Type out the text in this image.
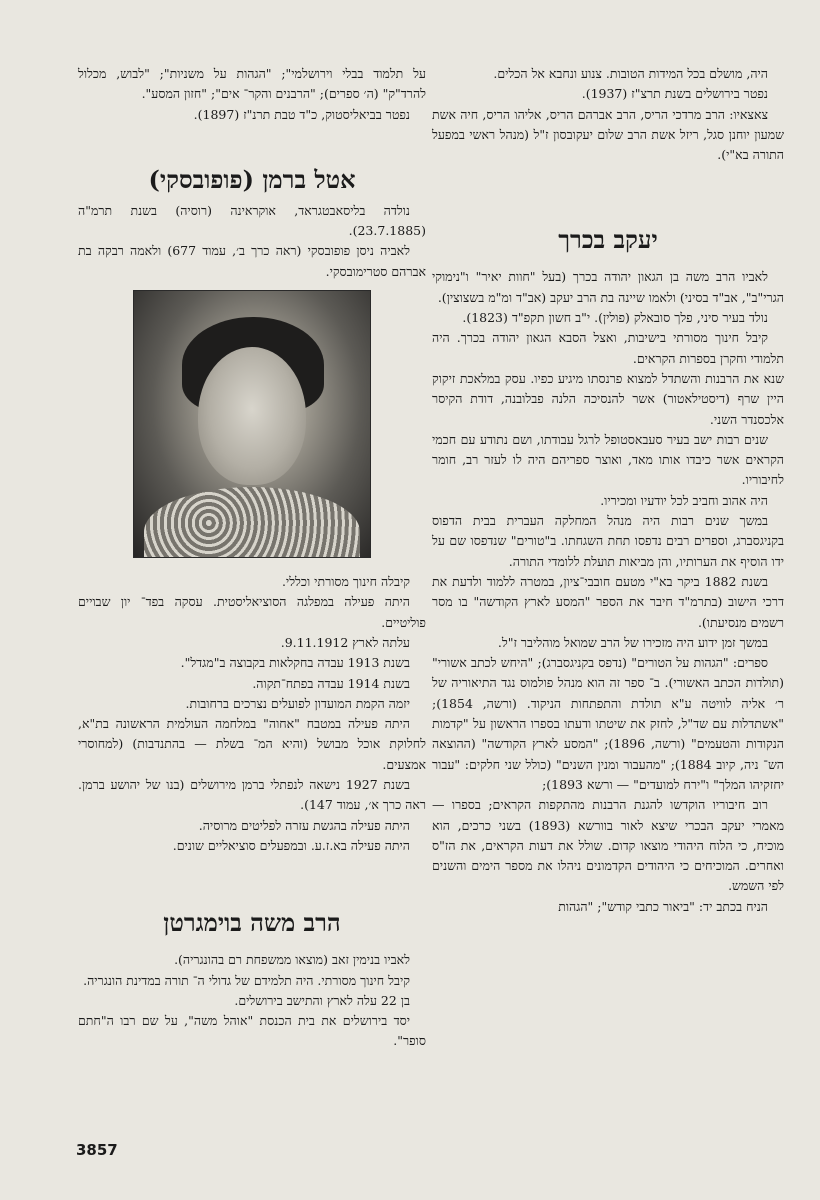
היה, מושלם בכל המידות הטובות. צנוע ונחבא אל הכלים.

נפטר בירושלים בשנת תרצ"ז (1937).

צאצאיו: הרב מרדכי הריס, הרב אברהם הריס, אליהו הריס, חיה אשת שמעון יוחנן סגל, ריזל אשת הרב שלום יעקובסון ז"ל (מנהל ראשי במפעל התורה בא"י).

יעקב בכרך

לאביו הרב משה בן הגאון יהודה בכרך (בעל "חוות יאיר" ו"נימוקי הגרי"ב", אב"ד בסיני) ולאמו שיינה בת הרב יעקב (אב"ד ומ"מ בשצוצין).

נולד בעיר סיני, פלך סובאלק (פולין). י"ב חשון תקפ"ד (1823).

קיבל חינוך מסורתי בישיבות, ואצל הסבא הגאון יהודה בכרך. היה תלמודי וחקרן בספרות הקראים.

שנא את הרבנות והשתדל למצוא פרנסתו מיגיע כפיו. עסק במלאכת זיקוק היין שרף (דיסטילאטור) אשר להנסיכה הלנה פבלובנה, דודת הקיסר אלכסנדר השני.

שנים רבות ישב בעיר סעבאסטופל לרגל עבודתו, ושם נתודע עם חכמי הקראים אשר כיבדו אותו מאד, ואוצר ספריהם היה לו לעזר רב, חומר לחיבוריו.

היה אהוב וחביב לכל יודעיו ומכיריו.

במשך שנים רבות היה מנהל המחלקה העברית בבית הדפוס בקניגסברג, וספרים רבים נדפסו תחת השגחתו. ב"טורים" שנדפסו שם על ידו הוסיף את הערותיו, והן מביאות תועלת ללומדי התורה.

בשנת 1882 ביקר בא"י מטעם חובבי־ציון, במטרה ללמוד ולדעת את דרכי הישוב (בתרמ"ד חיבר את הספר "המסע לארץ הקודשה" בו מסר רשמים מנסיעתו).

במשך זמן ידוע היה מזכירו של הרב שמואל מוהליבר ז"ל.

ספרים: "הגהות על הטורים" (נדפס בקניגסברג); "היחש לכתב אשורי" (תולדות הכתב האשורי). ב־ ספר זה הוא מנהל פולמוס נגד התיאוריה של ר׳ אליה לוויטה ע"א תולדת והתפתחות הניקוד. (ורשה, 1854); "אשתדלות עם שד"ל, לחזק את שיטתו ודעתו בספרו הראשון על "קדמות הנקודות והטעמים" (ורשה, 1896); "המסע לארץ הקודשה" (ההוצאה הש־ ניה, קיוב 1884); "מהעבור ומנין השנים" (כולל שני חלקים: "עבור יחזקיהו המלך" ו"ירח למועדים" — ורשא 1893);

רוב חיבוריו הוקדשו להגנת הרבנות מהתקפות הקראים; בספרו — מאמרי יעקב הבכרי שיצא לאור בוורשא (1893) בשני כרכים, הוא מוכיח, כי הלוח היהודי מוצאו קדום. שולל את דעות הקראים, את הז"ס ואחרים. המוכיחים כי היהודים הקדמונים ניהלו את מספר הימים והשנים לפי השמש.

הניח בכתב יד: "ביאור כתבי קודש"; "הגהות

על תלמוד בבלי וירושלמי"; "הגהות על משניות"; "לבוש, מכלול להרד"ק" (ה׳ ספרים); "הרבנים והקר־ אים"; "חזון המסע".

נפטר בביאליסטוק, כ"ד טבת תרנ"ז (1897).

אטל ברמן (פופובסקי)

נולדה בליסאבטגראד, אוקראינה (רוסיה) בשנת תרמ"ה (23.7.1885).

לאביה ניסן פופובסקי (ראה כרך ב׳, עמוד 677) ולאמה רבקה בת אברהם סטרימובסקי.

קיבלה חינוך מסורתי וכללי.

היתה פעילה במפלגה הסוציאליסטית. עסקה בפד־ יון שבויים פוליטיים.

עלתה לארץ 9.11.1912.

בשנת 1913 עבדה בחקלאות בקבוצה ב"מגדל".

בשנת 1914 עבדה בפתח־תקוה.

יזמה הקמת המועדון לפועלים נצרכים ברחובות.

היתה פעילה במטבח "אחוה" במלחמה העולמית הראשונה בת"א, לחלוקת אוכל מבושל (והיא המ־ בשלת — בהתנדבות) (למחוסרי אמצעים.

בשנת 1927 נישאה לנפתלי ברמן מירושלים (בנו של יהושע ברמן. ראה כרך א׳, עמוד 147).

היתה פעילה בהגשת עזרה לפליטים מרוסיה.

היתה פעילה בא.ז.ע. ובמפעלים סוציאליים שונים.

הרב משה בוימגרטן

לאביו בנימין זאב (מוצאו ממשפחת רם בהונגריה).

קיבל חינוך מסורתי. היה תלמידם של גדולי ה־ תורה במדינת הונגריה.

בן 22 עלה לארץ והתישב בירושלים.

יסד בירושלים את בית הכנסת "אוהל משה", על שם רבו ה"חתם סופר".

3857
